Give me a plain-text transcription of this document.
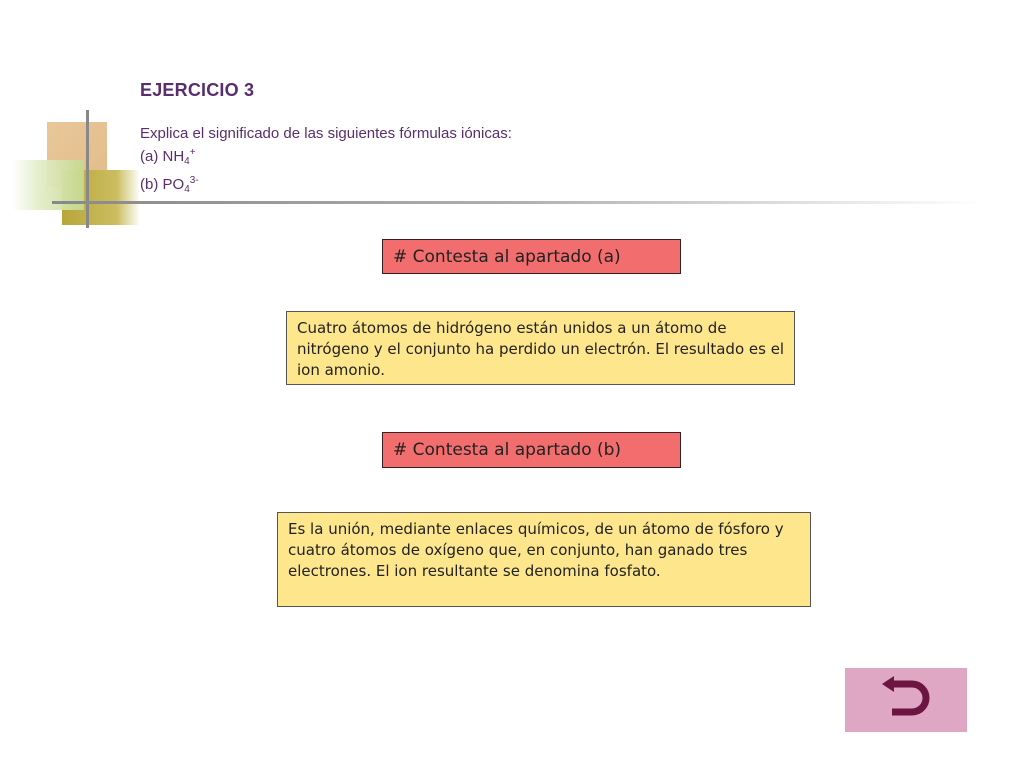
EJERCICIO 3
Explica el significado de las siguientes fórmulas iónicas:
(a) $NH_4^+$
(b) $PO_4^{3-}$
# Contesta al apartado (a)
Cuatro átomos de hidrógeno están unidos a un átomo de nitrógeno y el conjunto ha perdido un electrón. El resultado es el ion amonio.
# Contesta al apartado (b)
Es la unión, mediante enlaces químicos, de un átomo de fósforo y cuatro átomos de oxígeno que, en conjunto, han ganado tres electrones. El ion resultante se denomina fosfato.
